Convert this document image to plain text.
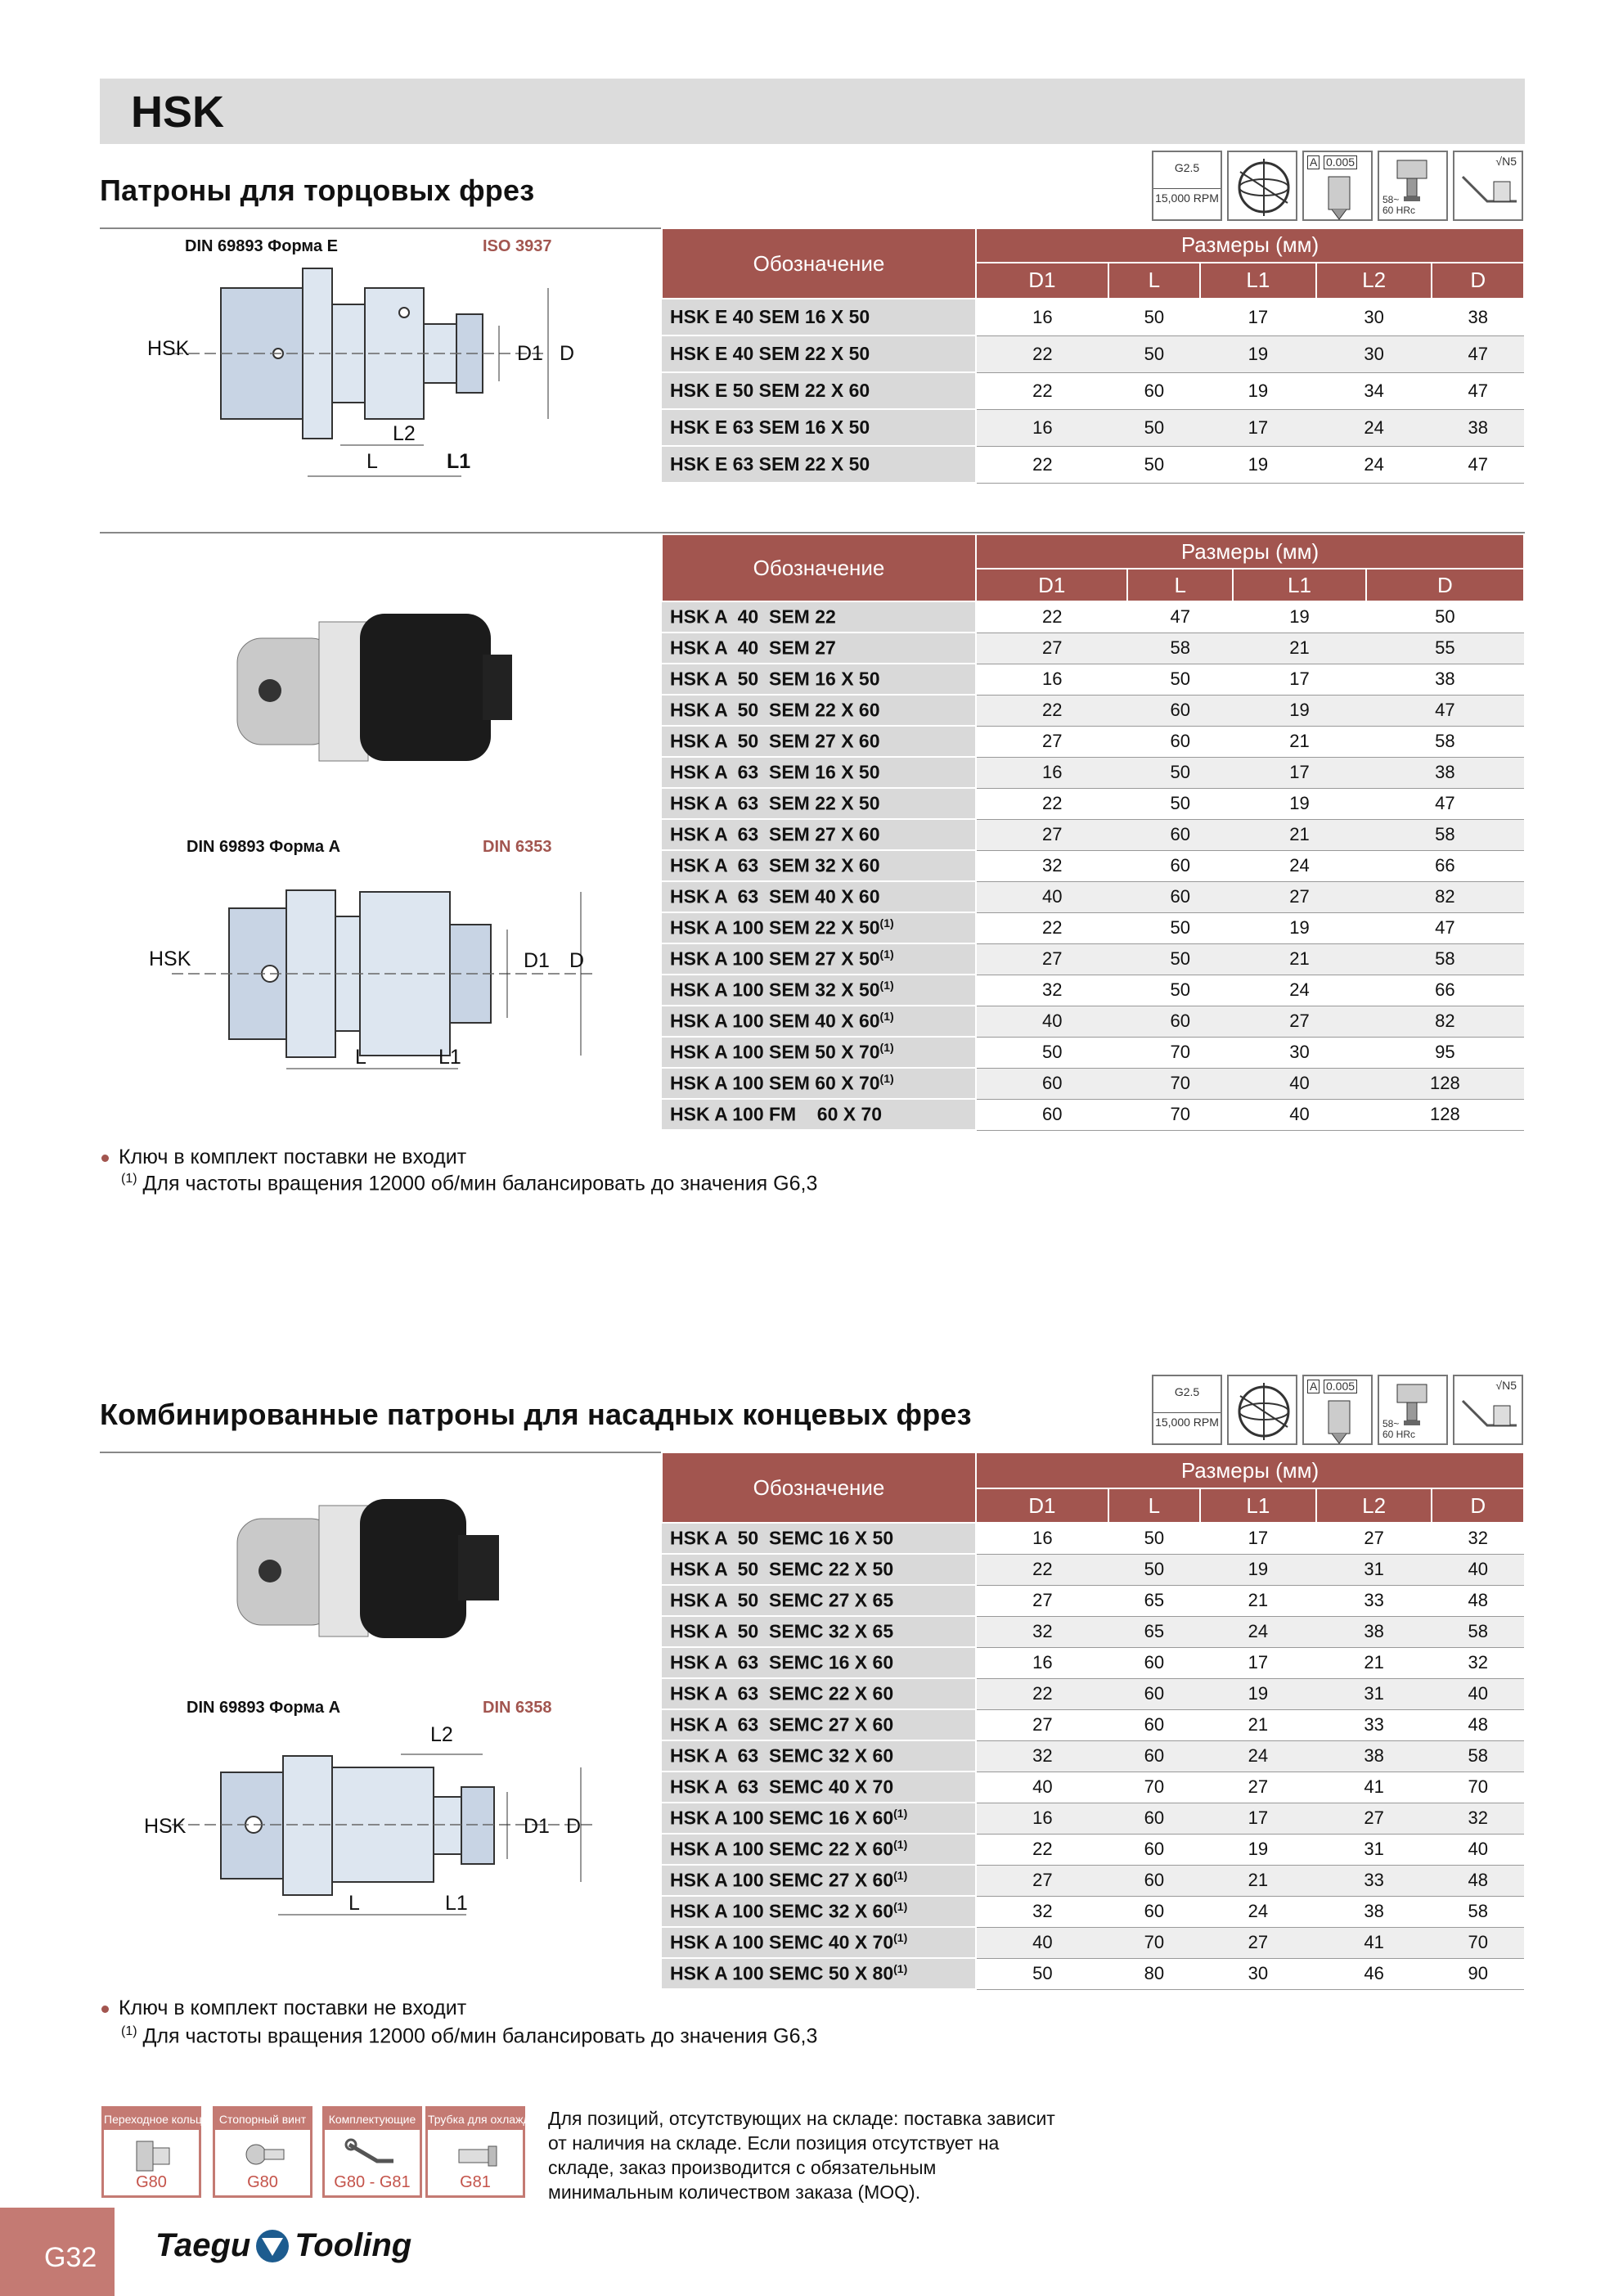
HSK
Патроны для торцовых фрез
G2.5
15,000 RPM
A 0.005
58~
60 HRc
√N5
DIN 69893 Форма E	ISO 3937
HSK	D1 D
L2
L	L1
Обозначение	Размеры (мм)				
	D1	L	L1	L2	D
HSK E 40 SEM 16 X 50	16	50	17	30	38
HSK E 40 SEM 22 X 50	22	50	19	30	47
HSK E 50 SEM 22 X 60	22	60	19	34	47
HSK E 63 SEM 16 X 50	16	50	17	24	38
HSK E 63 SEM 22 X 50	22	50	19	24	47
DIN 69893 Форма A	DIN 6353
HSK	D1 D
L	L1
Обозначение	Размеры (мм)			
	D1	L	L1	D
HSK A  40  SEM 22	22	47	19	50
HSK A  40  SEM 27	27	58	21	55
HSK A  50  SEM 16 X 50	16	50	17	38
HSK A  50  SEM 22 X 60	22	60	19	47
HSK A  50  SEM 27 X 60	27	60	21	58
HSK A  63  SEM 16 X 50	16	50	17	38
HSK A  63  SEM 22 X 50	22	50	19	47
HSK A  63  SEM 27 X 60	27	60	21	58
HSK A  63  SEM 32 X 60	32	60	24	66
HSK A  63  SEM 40 X 60	40	60	27	82
HSK A 100 SEM 22 X 50$^{(1)}$	22	50	19	47
HSK A 100 SEM 27 X 50$^{(1)}$	27	50	21	58
HSK A 100 SEM 32 X 50$^{(1)}$	32	50	24	66
HSK A 100 SEM 40 X 60$^{(1)}$	40	60	27	82
HSK A 100 SEM 50 X 70$^{(1)}$	50	70	30	95
HSK A 100 SEM 60 X 70$^{(1)}$	60	70	40	128
HSK A 100 FM    60 X 70	60	70	40	128
Ключ в комплект поставки не входит
$^{(1)}$ Для частоты вращения 12000 об/мин балансировать до значения G6,3
Комбинированные патроны для насадных концевых фрез
G2.5
15,000 RPM
A 0.005
58~
60 HRc
√N5
DIN 69893 Форма A	DIN 6358
L2
HSK	D1 D
L	L1
Обозначение	Размеры (мм)				
	D1	L	L1	L2	D
HSK A  50  SEMC 16 X 50	16	50	17	27	32
HSK A  50  SEMC 22 X 50	22	50	19	31	40
HSK A  50  SEMC 27 X 65	27	65	21	33	48
HSK A  50  SEMC 32 X 65	32	65	24	38	58
HSK A  63  SEMC 16 X 60	16	60	17	21	32
HSK A  63  SEMC 22 X 60	22	60	19	31	40
HSK A  63  SEMC 27 X 60	27	60	21	33	48
HSK A  63  SEMC 32 X 60	32	60	24	38	58
HSK A  63  SEMC 40 X 70	40	70	27	41	70
HSK A 100 SEMC 16 X 60$^{(1)}$	16	60	17	27	32
HSK A 100 SEMC 22 X 60$^{(1)}$	22	60	19	31	40
HSK A 100 SEMC 27 X 60$^{(1)}$	27	60	21	33	48
HSK A 100 SEMC 32 X 60$^{(1)}$	32	60	24	38	58
HSK A 100 SEMC 40 X 70$^{(1)}$	40	70	27	41	70
HSK A 100 SEMC 50 X 80$^{(1)}$	50	80	30	46	90
Ключ в комплект поставки не входит
$^{(1)}$ Для частоты вращения 12000 об/мин балансировать до значения G6,3
Переходное кольцо
G80
Стопорный винт
G80
Комплектующие
G80 - G81
Трубка для охлаждения
G81
Для позиций, отсутствующих на складе: поставка зависит
от наличия на складе. Если позиция отсутствует на
складе, заказ производится с обязательным
минимальным количеством заказа (MOQ).
G32	Taegu Tooling
